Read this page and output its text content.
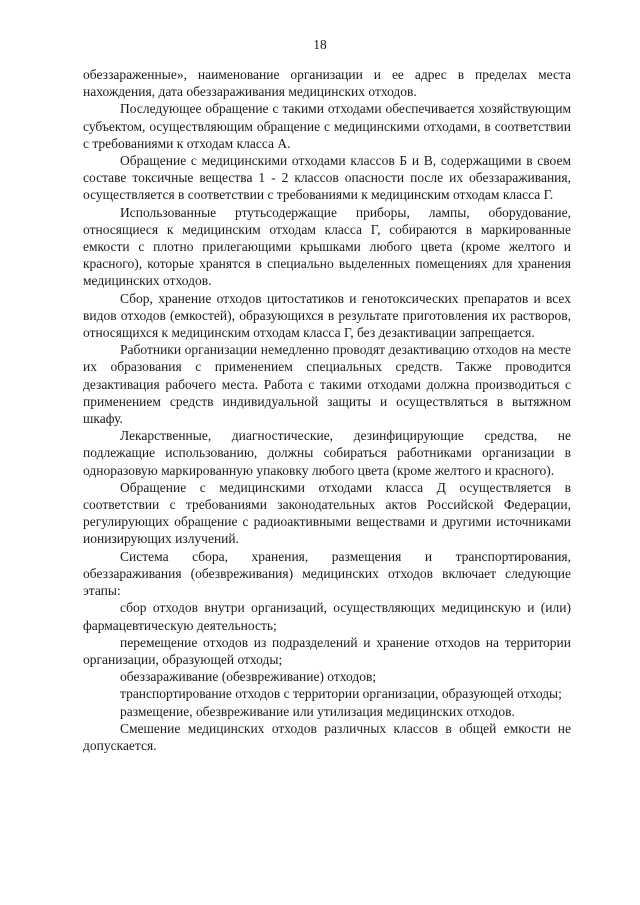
18

обеззараженные», наименование организации и ее адрес в пределах места нахождения, дата обеззараживания медицинских отходов.

Последующее обращение с такими отходами обеспечивается хозяйствующим субъектом, осуществляющим обращение с медицинскими отходами, в соответствии с требованиями к отходам класса А.

Обращение с медицинскими отходами классов Б и В, содержащими в своем составе токсичные вещества 1 - 2 классов опасности после их обеззараживания, осуществляется в соответствии с требованиями к медицинским отходам класса Г.

Использованные ртутьсодержащие приборы, лампы, оборудование, относящиеся к медицинским отходам класса Г, собираются в маркированные емкости с плотно прилегающими крышками любого цвета (кроме желтого и красного), которые хранятся в специально выделенных помещениях для хранения медицинских отходов.

Сбор, хранение отходов цитостатиков и генотоксических препаратов и всех видов отходов (емкостей), образующихся в результате приготовления их растворов, относящихся к медицинским отходам класса Г, без дезактивации запрещается.

Работники организации немедленно проводят дезактивацию отходов на месте их образования с применением специальных средств. Также проводится дезактивация рабочего места. Работа с такими отходами должна производиться с применением средств индивидуальной защиты и осуществляться в вытяжном шкафу.

Лекарственные, диагностические, дезинфицирующие средства, не подлежащие использованию, должны собираться работниками организации в одноразовую маркированную упаковку любого цвета (кроме желтого и красного).

Обращение с медицинскими отходами класса Д осуществляется в соответствии с требованиями законодательных актов Российской Федерации, регулирующих обращение с радиоактивными веществами и другими источниками ионизирующих излучений.

Система сбора, хранения, размещения и транспортирования, обеззараживания (обезвреживания) медицинских отходов включает следующие этапы:

сбор отходов внутри организаций, осуществляющих медицинскую и (или) фармацевтическую деятельность;

перемещение отходов из подразделений и хранение отходов на территории организации, образующей отходы;

обеззараживание (обезвреживание) отходов;

транспортирование отходов с территории организации, образующей отходы;

размещение, обезвреживание или утилизация медицинских отходов.

Смешение медицинских отходов различных классов в общей емкости не допускается.
